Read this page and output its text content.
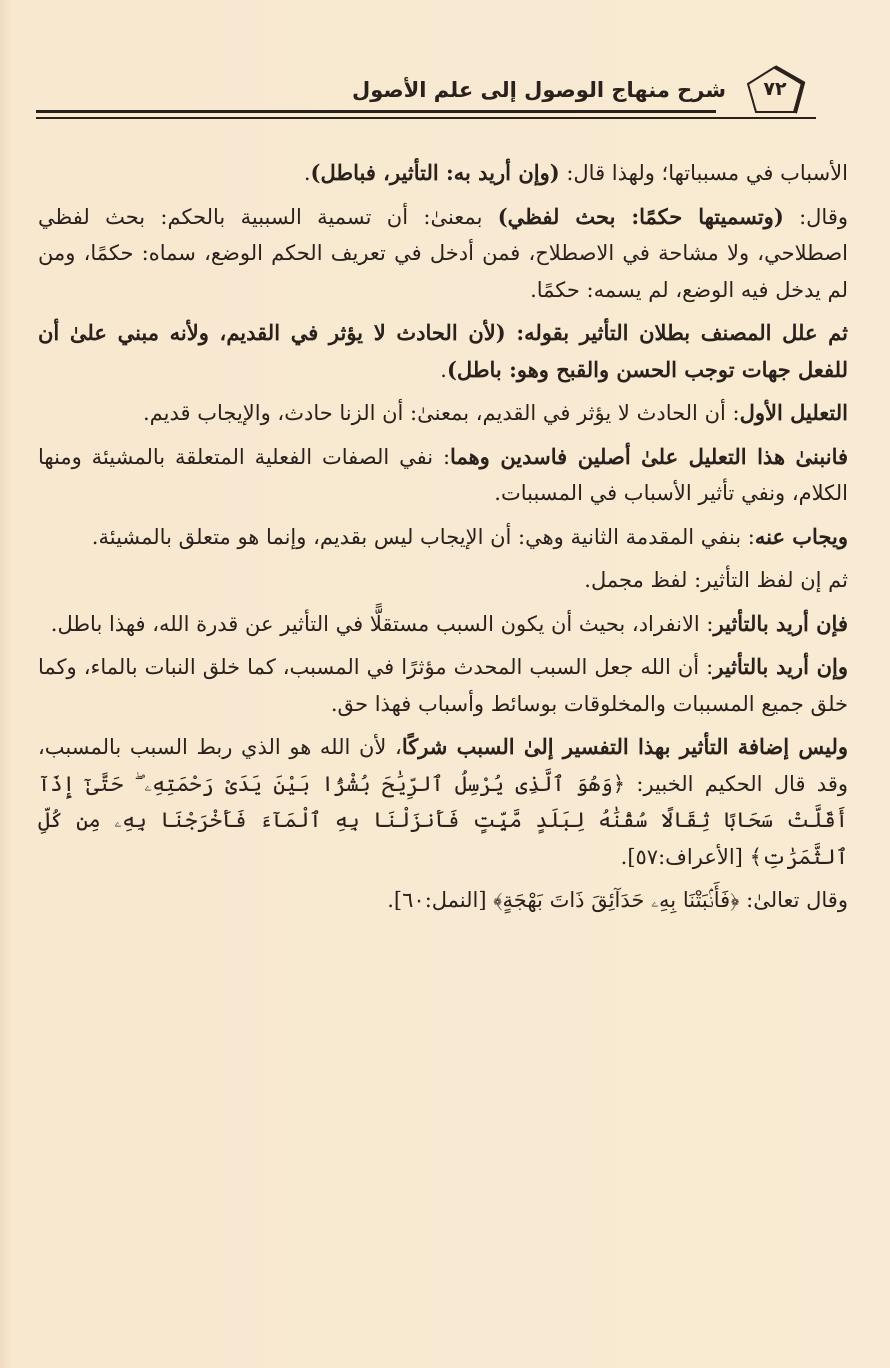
شرح منهاج الوصول إلى علم الأصول	٧٢

الأسباب في مسبباتها؛ ولهذا قال: (وإن أريد به: التأثير، فباطل).

وقال: (وتسميتها حكمًا: بحث لفظي) بمعنىٰ: أن تسمية السببية بالحكم: بحث لفظي اصطلاحي، ولا مشاحة في الاصطلاح، فمن أدخل في تعريف الحكم الوضع، سماه: حكمًا، ومن لم يدخل فيه الوضع، لم يسمه: حكمًا.

ثم علل المصنف بطلان التأثير بقوله: (لأن الحادث لا يؤثر في القديم، ولأنه مبني علىٰ أن للفعل جهات توجب الحسن والقبح وهو: باطل).

التعليل الأول: أن الحادث لا يؤثر في القديم، بمعنىٰ: أن الزنا حادث، والإيجاب قديم.

فانبنىٰ هذا التعليل علىٰ أصلين فاسدين وهما: نفي الصفات الفعلية المتعلقة بالمشيئة ومنها الكلام، ونفي تأثير الأسباب في المسببات.

ويجاب عنه: بنفي المقدمة الثانية وهي: أن الإيجاب ليس بقديم، وإنما هو متعلق بالمشيئة.

ثم إن لفظ التأثير: لفظ مجمل.

فإن أريد بالتأثير: الانفراد، بحيث أن يكون السبب مستقلًّا في التأثير عن قدرة الله، فهذا باطل.

وإن أريد بالتأثير: أن الله جعل السبب المحدث مؤثرًا في المسبب، كما خلق النبات بالماء، وكما خلق جميع المسببات والمخلوقات بوسائط وأسباب فهذا حق.

وليس إضافة التأثير بهذا التفسير إلىٰ السبب شركًا، لأن الله هو الذي ربط السبب بالمسبب، وقد قال الحكيم الخبير: ﴿وَهُوَ ٱلَّذِى يُرْسِلُ ٱلرِّيَٰحَ بُشْرًۢا بَيْنَ يَدَىْ رَحْمَتِهِۦ ۖ حَتَّىٰٓ إِذَآ أَقَلَّتْ سَحَابًا ثِقَالًا سُقْنَٰهُ لِبَلَدٍ مَّيِّتٍ فَأَنزَلْنَا بِهِ ٱلْمَآءَ فَأَخْرَجْنَا بِهِۦ مِن كُلِّ ٱلثَّمَرَٰتِ﴾ [الأعراف:٥٧].

وقال تعالىٰ: ﴿فَأَنۢبَتْنَا بِهِۦ حَدَآئِقَ ذَاتَ بَهْجَةٍ﴾ [النمل:٦٠].
